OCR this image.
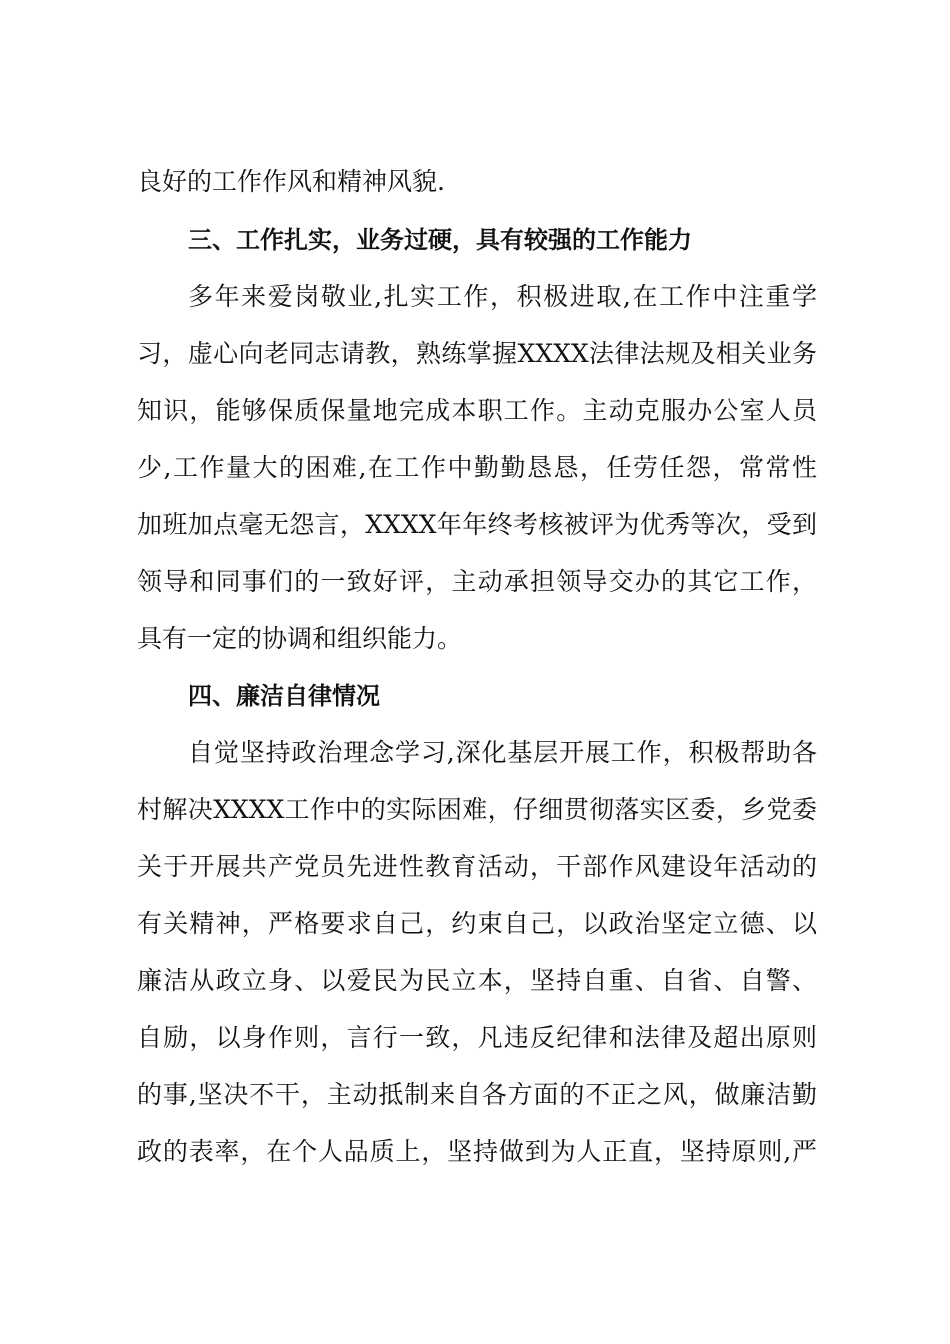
良好的工作作风和精神风貌.
三、工作扎实，业务过硬，具有较强的工作能力
多年来爱岗敬业,扎实工作，积极进取,在工作中注重学
习，虚心向老同志请教，熟练掌握XXXX法律法规及相关业务
知识，能够保质保量地完成本职工作。主动克服办公室人员
少,工作量大的困难,在工作中勤勤恳恳，任劳任怨，常常性
加班加点毫无怨言，XXXX年年终考核被评为优秀等次，受到
领导和同事们的一致好评，主动承担领导交办的其它工作，
具有一定的协调和组织能力。
四、廉洁自律情况
自觉坚持政治理念学习,深化基层开展工作，积极帮助各
村解决XXXX工作中的实际困难，仔细贯彻落实区委，乡党委
关于开展共产党员先进性教育活动，干部作风建设年活动的
有关精神，严格要求自己，约束自己，以政治坚定立德、以
廉洁从政立身、以爱民为民立本，坚持自重、自省、自警、
自励，以身作则，言行一致，凡违反纪律和法律及超出原则
的事,坚决不干，主动抵制来自各方面的不正之风，做廉洁勤
政的表率，在个人品质上，坚持做到为人正直，坚持原则,严
